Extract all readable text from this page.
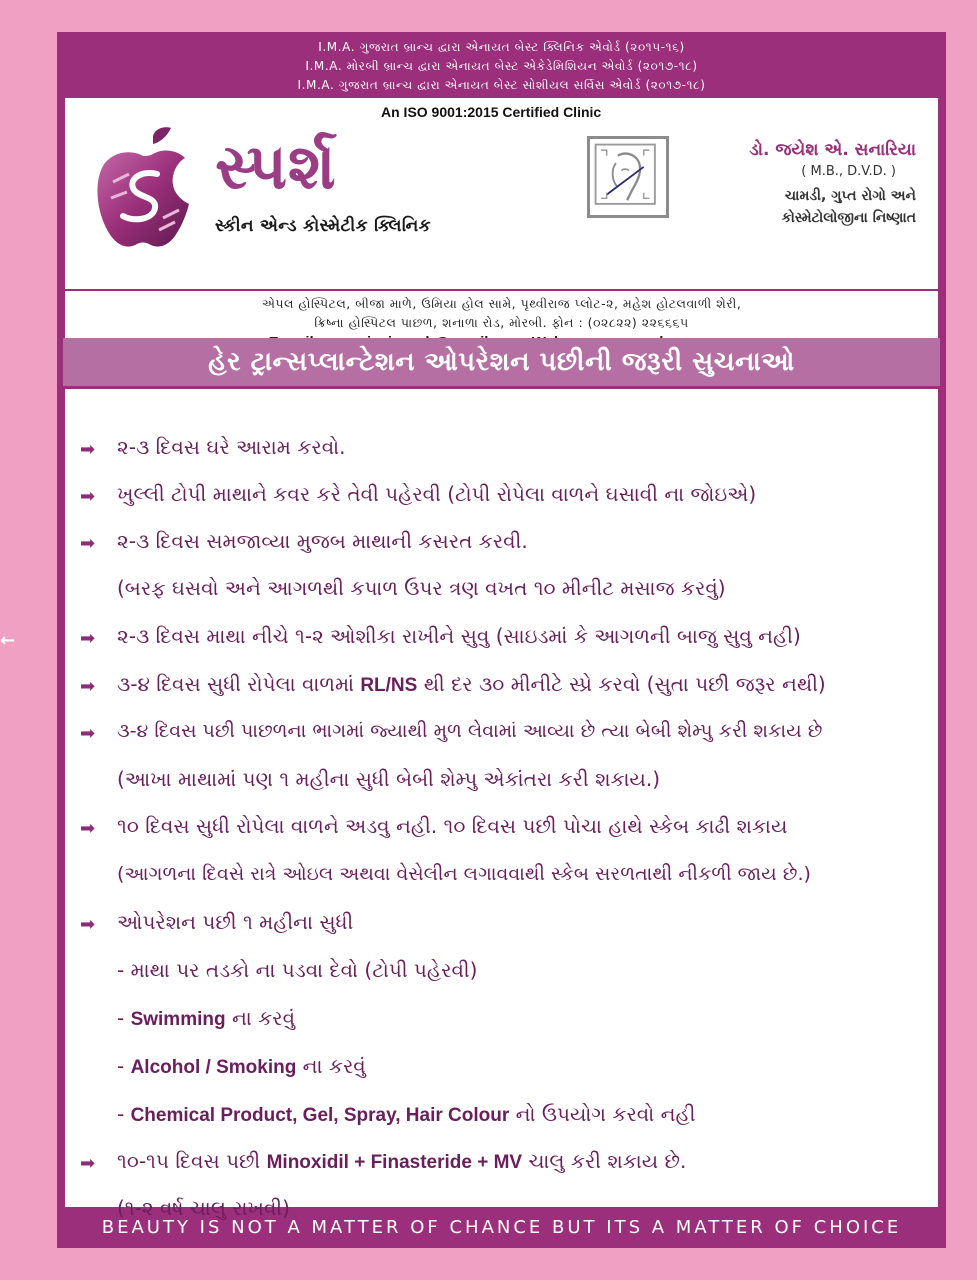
←
I.M.A. ગુજરાત બ્રાન્ચ દ્વારા એનાયત બેસ્ટ ક્લિનિક એવોર્ડ (૨૦૧૫-૧૬)
I.M.A. મોરબી બ્રાન્ચ દ્વારા એનાયત બેસ્ટ એકેડેમિશિયન એવોર્ડ (૨૦૧૭-૧૮)
I.M.A. ગુજરાત બ્રાન્ચ દ્વારા એનાયત બેસ્ટ સોશીયલ સર્વિસ એવોર્ડ (૨૦૧૭-૧૮)
An ISO 9001:2015 Certified Clinic
સ્પર્શ
સ્કીન એન્ડ કોસ્મેટીક ક્લિનિક
ડો. જયેશ એ. સનારિયા
( M.B., D.V.D. )
ચામડી, ગુપ્ત રોગો અને
કોસ્મેટોલોજીના નિષ્ણાત
એપલ હોસ્પિટલ, બીજા માળે, ઉમિયા હોલ સામે, પૃથ્વીરાજ પ્લોટ-૨, મહેશ હોટલવાળી શેરી,
ક્રિષ્ના હોસ્પિટલ પાછળ, શનાળા રોડ, મોરબી. ફોન : (૦૨૮૨૨) ૨૨૬૬૬૫
હેર ટ્રાન્સપ્લાન્ટેશન ઓપરેશન પછીની જરૂરી સુચનાઓ
➡ ૨-૩ દિવસ ઘરે આરામ કરવો.
➡ ખુલ્લી ટોપી માથાને કવર કરે તેવી પહેરવી (ટોપી રોપેલા વાળને ઘસાવી ના જોઇએ)
➡ ૨-૩ દિવસ સમજાવ્યા મુજબ માથાની કસરત કરવી.
(બરફ ઘસવો અને આગળથી કપાળ ઉપર ત્રણ વખત ૧૦ મીનીટ મસાજ કરવું)
➡ ૨-૩ દિવસ માથા નીચે ૧-૨ ઓશીકા રાખીને સુવુ (સાઇડમાં કે આગળની બાજુ સુવુ નહી)
➡ ૩-૪ દિવસ સુધી રોપેલા વાળમાં RL/NS થી દર ૩૦ મીનીટે સ્પ્રે કરવો (સુતા પછી જરૂર નથી)
➡ ૩-૪ દિવસ પછી પાછળના ભાગમાં જ્યાથી મુળ લેવામાં આવ્યા છે ત્યા બેબી શેમ્પુ કરી શકાય છે
(આખા માથામાં પણ ૧ મહીના સુધી બેબી શેમ્પુ એકાંતરા કરી શકાય.)
➡ ૧૦ દિવસ સુધી રોપેલા વાળને અડવુ નહી. ૧૦ દિવસ પછી પોચા હાથે સ્કેબ કાઢી શકાય
(આગળના દિવસે રાત્રે ઓઇલ અથવા વેસેલીન લગાવવાથી સ્કેબ સરળતાથી નીકળી જાય છે.)
➡ ઓપરેશન પછી ૧ મહીના સુધી
- માથા પર તડકો ના પડવા દેવો (ટોપી પહેરવી)
- Swimming ના કરવું
- Alcohol / Smoking ના કરવું
- Chemical Product, Gel, Spray, Hair Colour નો ઉપયોગ કરવો નહી
➡ ૧૦-૧૫ દિવસ પછી Minoxidil + Finasteride + MV ચાલુ કરી શકાય છે.
(૧-૨ વર્ષ ચાલુ રાખવી)
BEAUTY IS NOT A MATTER OF CHANCE BUT ITS A MATTER OF CHOICE
